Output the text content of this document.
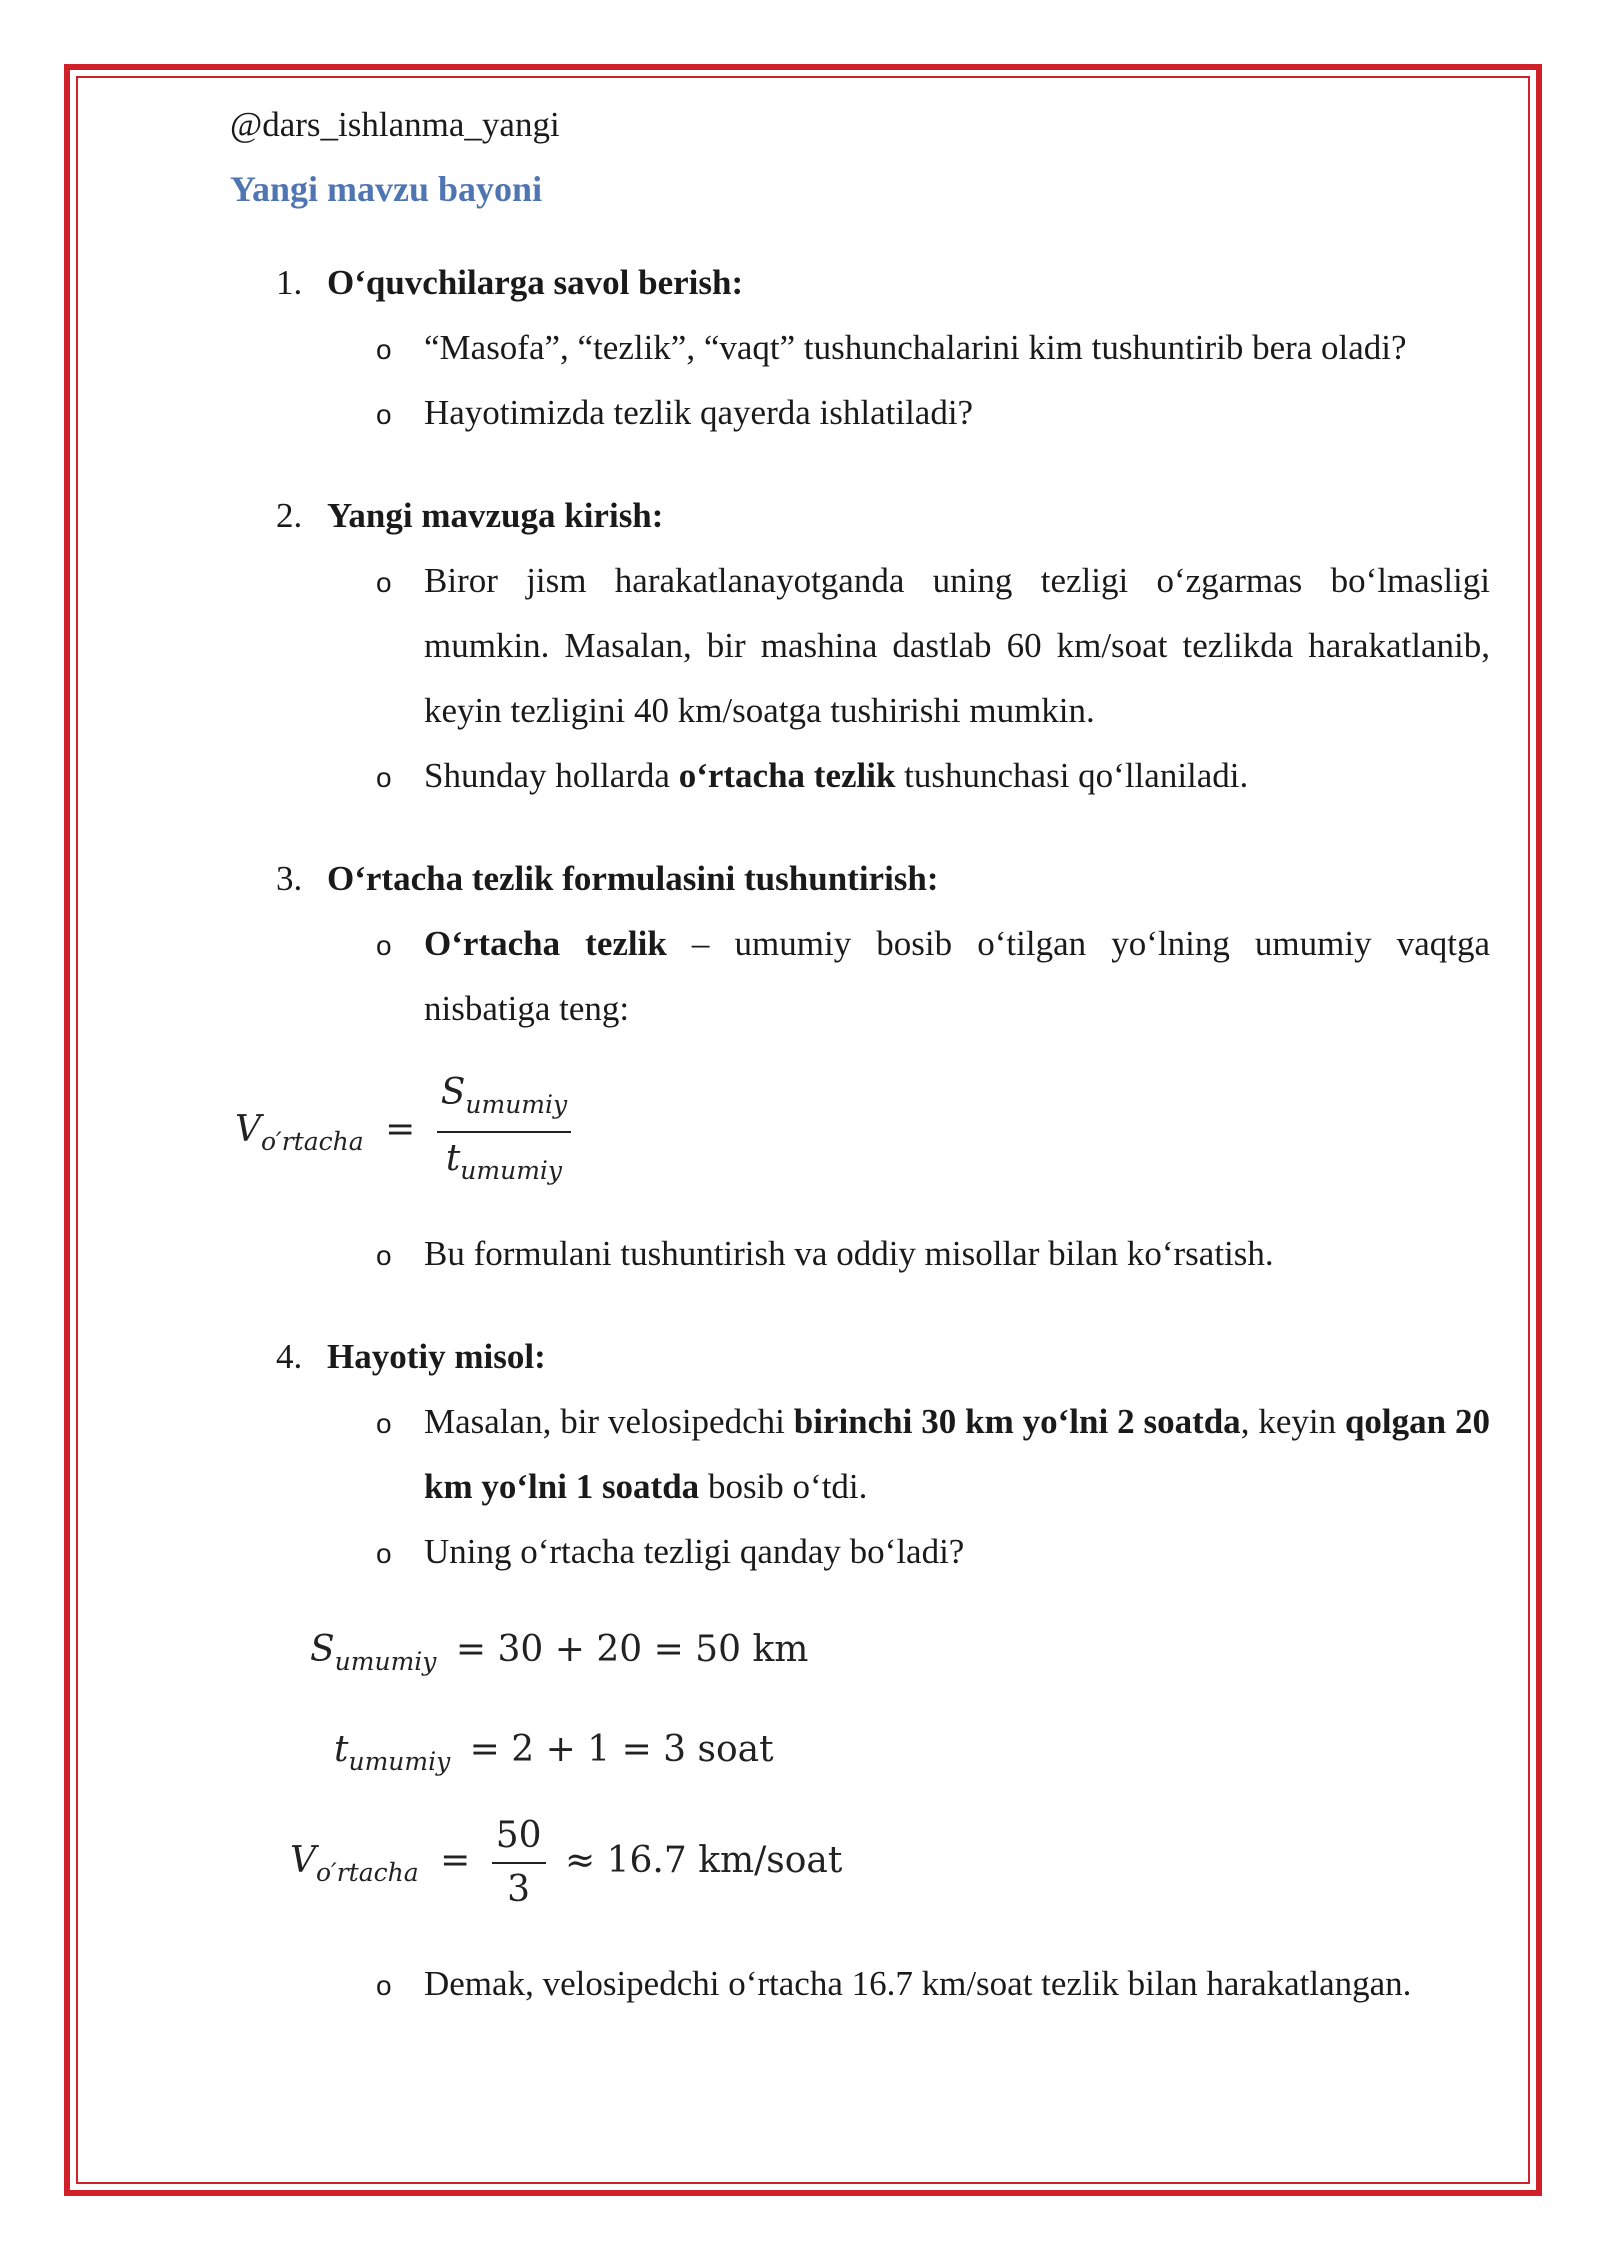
@dars_ishlanma_yangi

Yangi mavzu bayoni

1. O‘quvchilarga savol berish:

o “Masofa”, “tezlik”, “vaqt” tushunchalarini kim tushuntirib bera oladi?
o Hayotimizda tezlik qayerda ishlatiladi?

2. Yangi mavzuga kirish:

o Biror jism harakatlanayotganda uning tezligi o‘zgarmas bo‘lmasligi mumkin. Masalan, bir mashina dastlab 60 km/soat tezlikda harakatlanib, keyin tezligini 40 km/soatga tushirishi mumkin.
o Shunday hollarda o‘rtacha tezlik tushunchasi qo‘llaniladi.

3. O‘rtacha tezlik formulasini tushuntirish:

o O‘rtacha tezlik – umumiy bosib o‘tilgan yo‘lning umumiy vaqtga nisbatiga teng:
$V_{o'rtacha} = \frac{S_{umumiy}}{t_{umumiy}}$
o Bu formulani tushuntirish va oddiy misollar bilan ko‘rsatish.

4. Hayotiy misol:

o Masalan, bir velosipedchi birinchi 30 km yo‘lni 2 soatda, keyin qolgan 20 km yo‘lni 1 soatda bosib o‘tdi.
o Uning o‘rtacha tezligi qanday bo‘ladi?
$S_{umumiy} = 30 + 20 = 50$ km
$t_{umumiy} = 2 + 1 = 3$ soat
$V_{o'rtacha} = \frac{50}{3} \approx 16.7$ km/soat
o Demak, velosipedchi o‘rtacha 16.7 km/soat tezlik bilan harakatlangan.
